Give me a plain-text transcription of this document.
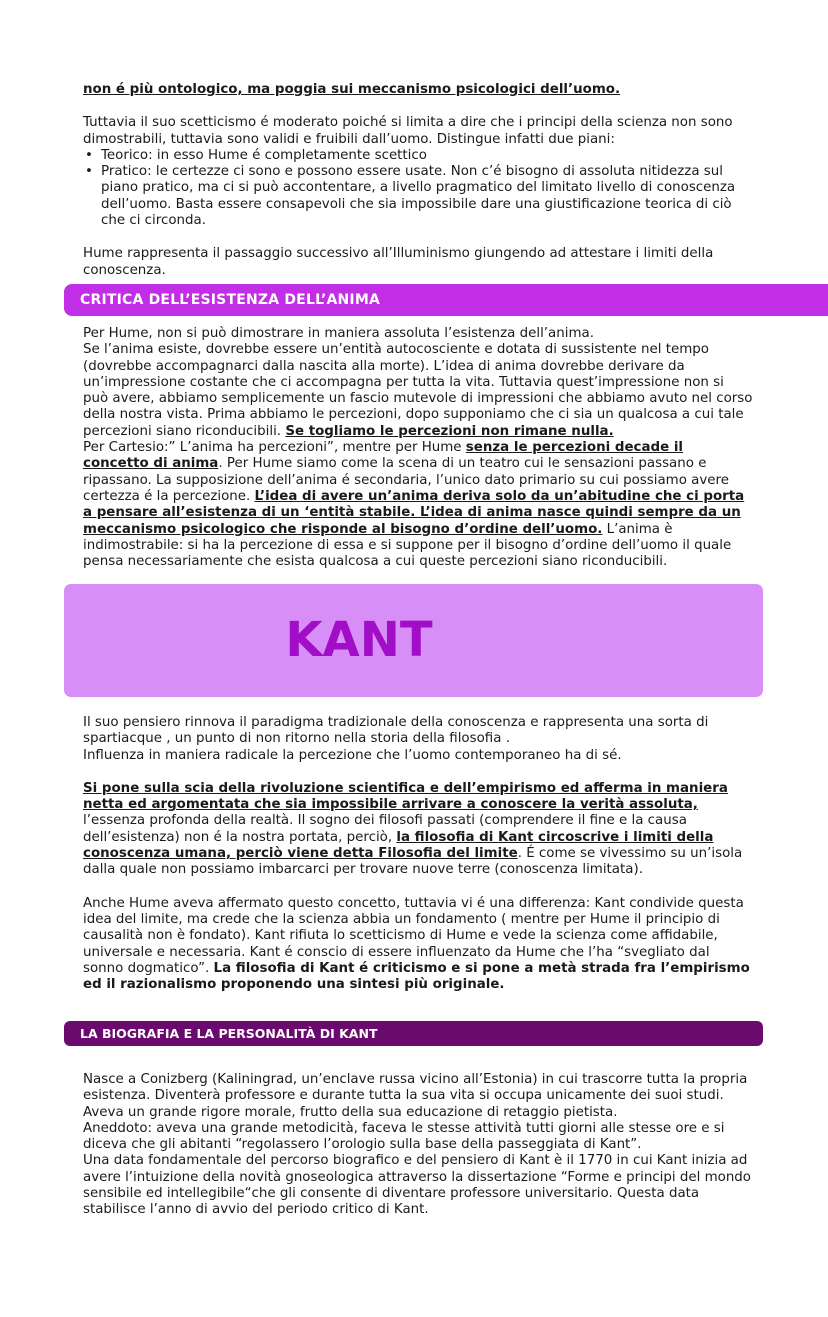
non é più ontologico, ma poggia sui meccanismo psicologici dell’uomo.

Tuttavia il suo scetticismo é moderato poiché si limita a dire che i principi della scienza non sono dimostrabili, tuttavia sono validi e fruibili dall’uomo. Distingue infatti due piani:

• Teorico: in esso Hume é completamente scettico
• Pratico: le certezze ci sono e possono essere usate. Non c’é bisogno di assoluta nitidezza sul piano pratico, ma ci si può accontentare, a livello pragmatico del limitato livello di conoscenza dell’uomo. Basta essere consapevoli che sia impossibile dare una giustificazione teorica di ciò che ci circonda.

Hume rappresenta il passaggio successivo all’Illuminismo giungendo ad attestare i limiti della conoscenza.

CRITICA DELL’ESISTENZA DELL’ANIMA

Per Hume, non si può dimostrare in maniera assoluta l’esistenza dell’anima.

Se l’anima esiste, dovrebbe essere un’entità autocosciente e dotata di sussistente nel tempo (dovrebbe accompagnarci dalla nascita alla morte). L’idea di anima dovrebbe derivare da un’impressione costante che ci accompagna per tutta la vita. Tuttavia quest’impressione non si può avere, abbiamo semplicemente un fascio mutevole di impressioni che abbiamo avuto nel corso della nostra vista. Prima abbiamo le percezioni, dopo supponiamo che ci sia un qualcosa a cui tale percezioni siano riconducibili. Se togliamo le percezioni non rimane nulla.

Per Cartesio:” L’anima ha percezioni”, mentre per Hume senza le percezioni decade il concetto di anima. Per Hume siamo come la scena di un teatro cui le sensazioni passano e ripassano. La supposizione dell’anima é secondaria, l’unico dato primario su cui possiamo avere certezza é la percezione. L’idea di avere un’anima deriva solo da un’abitudine che ci porta a pensare all’esistenza di un ‘entità stabile. L’idea di anima nasce quindi sempre da un meccanismo psicologico che risponde al bisogno d’ordine dell’uomo. L’anima è indimostrabile: si ha la percezione di essa e si suppone per il bisogno d’ordine dell’uomo il quale pensa necessariamente che esista qualcosa a cui queste percezioni siano riconducibili.

KANT

Il suo pensiero rinnova il paradigma tradizionale della conoscenza e rappresenta una sorta di spartiacque , un punto di non ritorno nella storia della filosofia .

Influenza in maniera radicale la percezione che l’uomo contemporaneo ha di sé.

Si pone sulla scia della rivoluzione scientifica e dell’empirismo ed afferma in maniera netta ed argomentata che sia impossibile arrivare a conoscere la verità assoluta, l’essenza profonda della realtà. Il sogno dei filosofi passati (comprendere il fine e la causa dell’esistenza) non é la nostra portata, perciò, la filosofia di Kant circoscrive i limiti della conoscenza umana, perciò viene detta Filosofia del limite. É come se vivessimo su un’isola dalla quale non possiamo imbarcarci per trovare nuove terre (conoscenza limitata).

Anche Hume aveva affermato questo concetto, tuttavia vi é una differenza: Kant condivide questa idea del limite, ma crede che la scienza abbia un fondamento ( mentre per Hume il principio di causalità non è fondato). Kant rifiuta lo scetticismo di Hume e vede la scienza come affidabile, universale e necessaria. Kant é conscio di essere influenzato da Hume che l’ha “svegliato dal sonno dogmatico”. La filosofia di Kant é criticismo e si pone a metà strada fra l’empirismo ed il razionalismo proponendo una sintesi più originale.

LA BIOGRAFIA E LA PERSONALITÀ DI KANT

Nasce a Conizberg (Kaliningrad, un’enclave russa vicino all’Estonia) in cui trascorre tutta la propria esistenza. Diventerà professore e durante tutta la sua vita si occupa unicamente dei suoi studi.

Aveva un grande rigore morale, frutto della sua educazione di retaggio pietista.

Aneddoto: aveva una grande metodicità, faceva le stesse attività tutti giorni alle stesse ore e si diceva che gli abitanti “regolassero l’orologio sulla base della passeggiata di Kant”.

Una data fondamentale del percorso biografico e del pensiero di Kant è il 1770 in cui Kant inizia ad avere l’intuizione della novità gnoseologica attraverso la dissertazione “Forme e principi del mondo sensibile ed intellegibile“che gli consente di diventare professore universitario. Questa data stabilisce l’anno di avvio del periodo critico di Kant.
